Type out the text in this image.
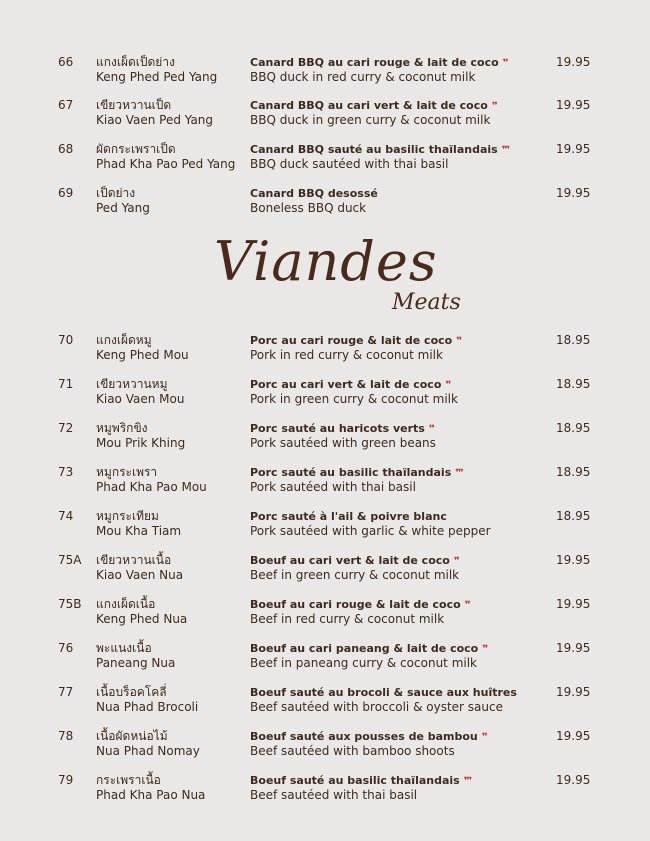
66 แกงเผ็ดเป็ดย่าง
Keng Phed Ped Yang
Canard BBQ au cari rouge & lait de coco ❜❜
BBQ duck in red curry & coconut milk
19.95
67 เขียวหวานเป็ด
Kiao Vaen Ped Yang
Canard BBQ au cari vert & lait de coco ❜❜
BBQ duck in green curry & coconut milk
19.95
68 ผัดกระเพราเป็ด
Phad Kha Pao Ped Yang
Canard BBQ sauté au basilic thaïlandais ❜❜❜
BBQ duck sautéed with thai basil
19.95
69 เป็ดย่าง
Ped Yang
Canard BBQ desossé
Boneless BBQ duck
19.95
Viandes
Meats
70 แกงเผ็ดหมู
Keng Phed Mou
Porc au cari rouge & lait de coco ❜❜
Pork in red curry & coconut milk
18.95
71 เขียวหวานหมู
Kiao Vaen Mou
Porc au cari vert & lait de coco ❜❜
Pork in green curry & coconut milk
18.95
72 หมูพริกขิง
Mou Prik Khing
Porc sauté au haricots verts ❜❜
Pork sautéed with green beans
18.95
73 หมูกระเพรา
Phad Kha Pao Mou
Porc sauté au basilic thaïlandais ❜❜❜
Pork sautéed with thai basil
18.95
74 หมูกระเทียม
Mou Kha Tiam
Porc sauté à l'ail & poivre blanc
Pork sautéed with garlic & white pepper
18.95
75A เขียวหวานเนื้อ
Kiao Vaen Nua
Boeuf au cari vert & lait de coco ❜❜
Beef in green curry & coconut milk
19.95
75B แกงเผ็ดเนื้อ
Keng Phed Nua
Boeuf au cari rouge & lait de coco ❜❜
Beef in red curry & coconut milk
19.95
76 พะแนงเนื้อ
Paneang Nua
Boeuf au cari paneang & lait de coco ❜❜
Beef in paneang curry & coconut milk
19.95
77 เนื้อบร็อคโคลี่
Nua Phad Brocoli
Boeuf sauté au brocoli & sauce aux huîtres
Beef sautéed with broccoli & oyster sauce
19.95
78 เนื้อผัดหน่อไม้
Nua Phad Nomay
Boeuf sauté aux pousses de bambou ❜❜
Beef sautéed with bamboo shoots
19.95
79 กระเพราเนื้อ
Phad Kha Pao Nua
Boeuf sauté au basilic thaïlandais ❜❜❜
Beef sautéed with thai basil
19.95
